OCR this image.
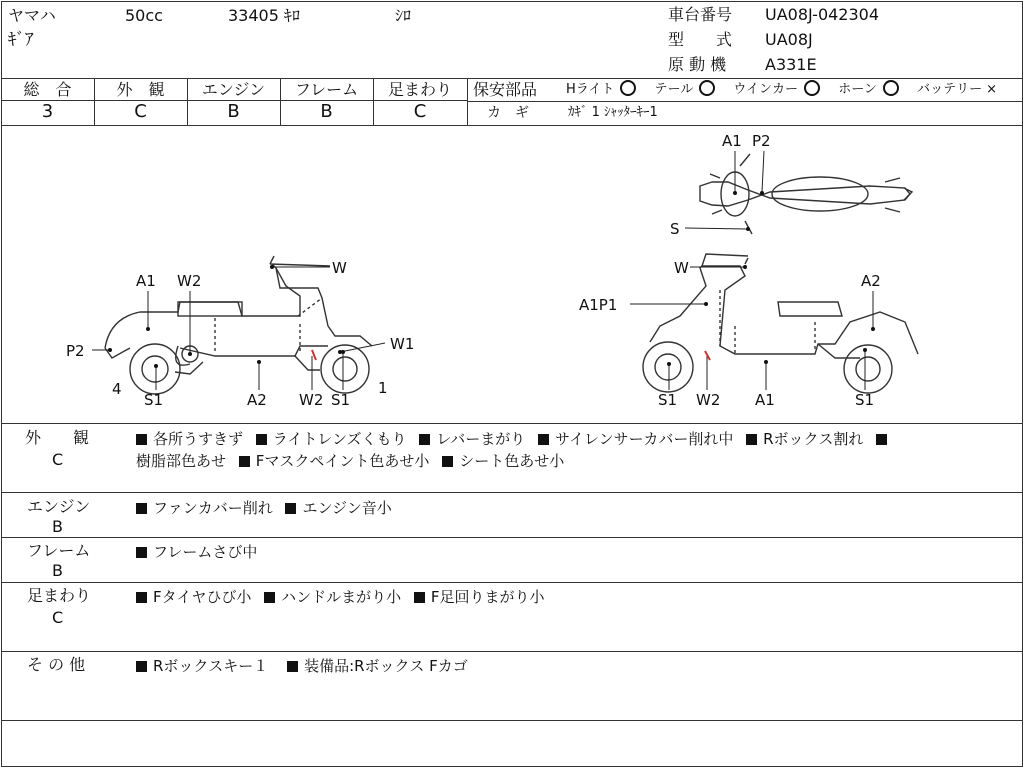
ヤマハ	50cc	33405 ｷﾛ	ｼﾛ
ｷﾞｱ
車台番号 UA08J-042304
型　　式 UA08J
原 動 機 A331E
総　合	外　観	エンジン	フレーム	足まわり
3	C	B	B	C
保安部品 Hライト	テール	ウインカー	ホーン	バッテリー ×
カ　ギ	ｶｷﾞ 1 ｼｬｯﾀｰｷｰ1
A1 P2
S
A1 W2
W
P2	W1
4	1
S1	A2 W2 S1
W
A2
A1P1
S1 W2 A1	S1
外　　観
C
各所うすきず ライトレンズくもり レバーまがり サイレンサーカバー削れ中 Rボックス割れ
樹脂部色あせ Fマスクペイント色あせ小 シート色あせ小
エンジン
B
ファンカバー削れ エンジン音小
フレーム
B
フレームさび中
足まわり
C
Fタイヤひび小 ハンドルまがり小 F足回りまがり小
そ の 他	Rボックスキー１ 装備品:Rボックス Fカゴ
